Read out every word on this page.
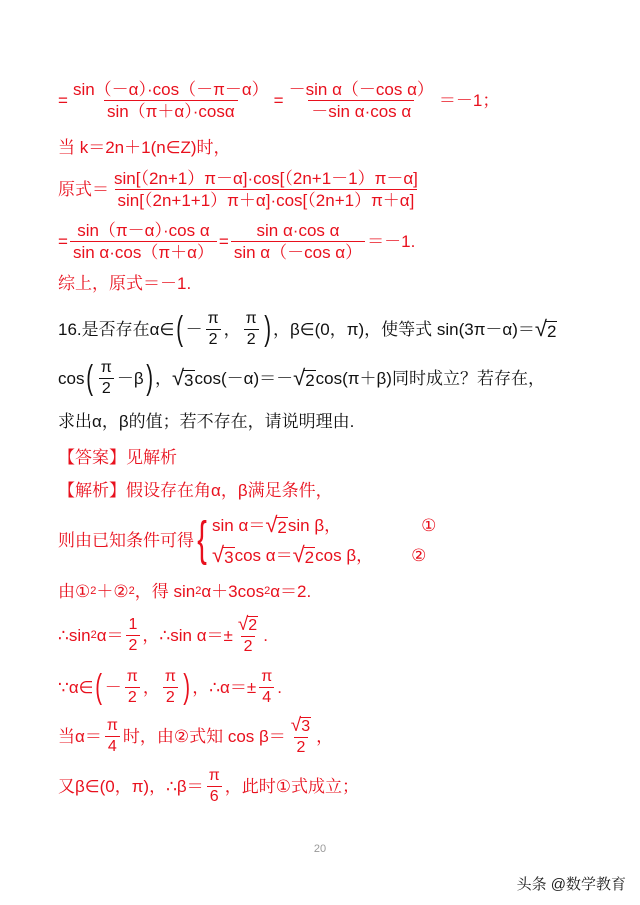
= $\frac{\sin(-\alpha)\cdot\cos(-\pi-\alpha)}{\sin(\pi+\alpha)\cdot\cos\alpha} = \frac{\text{－sin α（－cos α）}}{\text{－sin α·cos α}} =-1$；
当 k＝2n＋1(n∈Z)时，
原式＝ $\frac{\sin[(2n+1)\pi-\alpha]\cdot\cos[(2n+1-1)\pi-\alpha]}{\sin[(2n+1+1)\pi+\alpha]\cdot\cos[(2n+1)\pi+\alpha]}$
= $\frac{\text{sin（π－α）·cos α}}{\text{sin α·cos（π＋α）}} = \frac{\text{sin α·cos α}}{\text{sin α（－cos α）}} =-1$.
综上，原式＝－1.
16.是否存在α∈ ( － $\frac{\pi}{2}$ ， $\frac{\pi}{2}$ ) ，β∈(0，π)，使等式 sin(3π－α)＝ √ 2
cos ( $\frac{\pi}{2} -\beta$ ) ， √ 3 cos(－α)＝－ √ 2 cos(π＋β)同时成立？若存在，
求出α，β的值；若不存在，请说明理由.
【答案】见解析
【解析】假设存在角α，β满足条件，
则由已知条件可得 { sin α＝ √ 2 sin β，	①
√ 3 cos α＝ √ 2 cos β， ②
由① 2 ＋② 2 ，得 sin 2 α＋3cos 2 α＝2.
∴sin 2 $\alpha= \frac{1}{2}$ ，∴sin $\alpha=\pm \frac{√ 2}{2}$ .
∵α∈ ( － $\frac{\pi}{2}$ ， $\frac{\pi}{2}$ ) ，∴α＝± $\frac{\pi}{4}$ .
当$\alpha= \frac{\pi}{4}$ 时，由②式知 $\cos \beta= \frac{√ 3}{2}$ ，
又β∈(0，π)，∴β＝ $\frac{\pi}{6}$ ，此时①式成立；
20
头条 @数学教育
